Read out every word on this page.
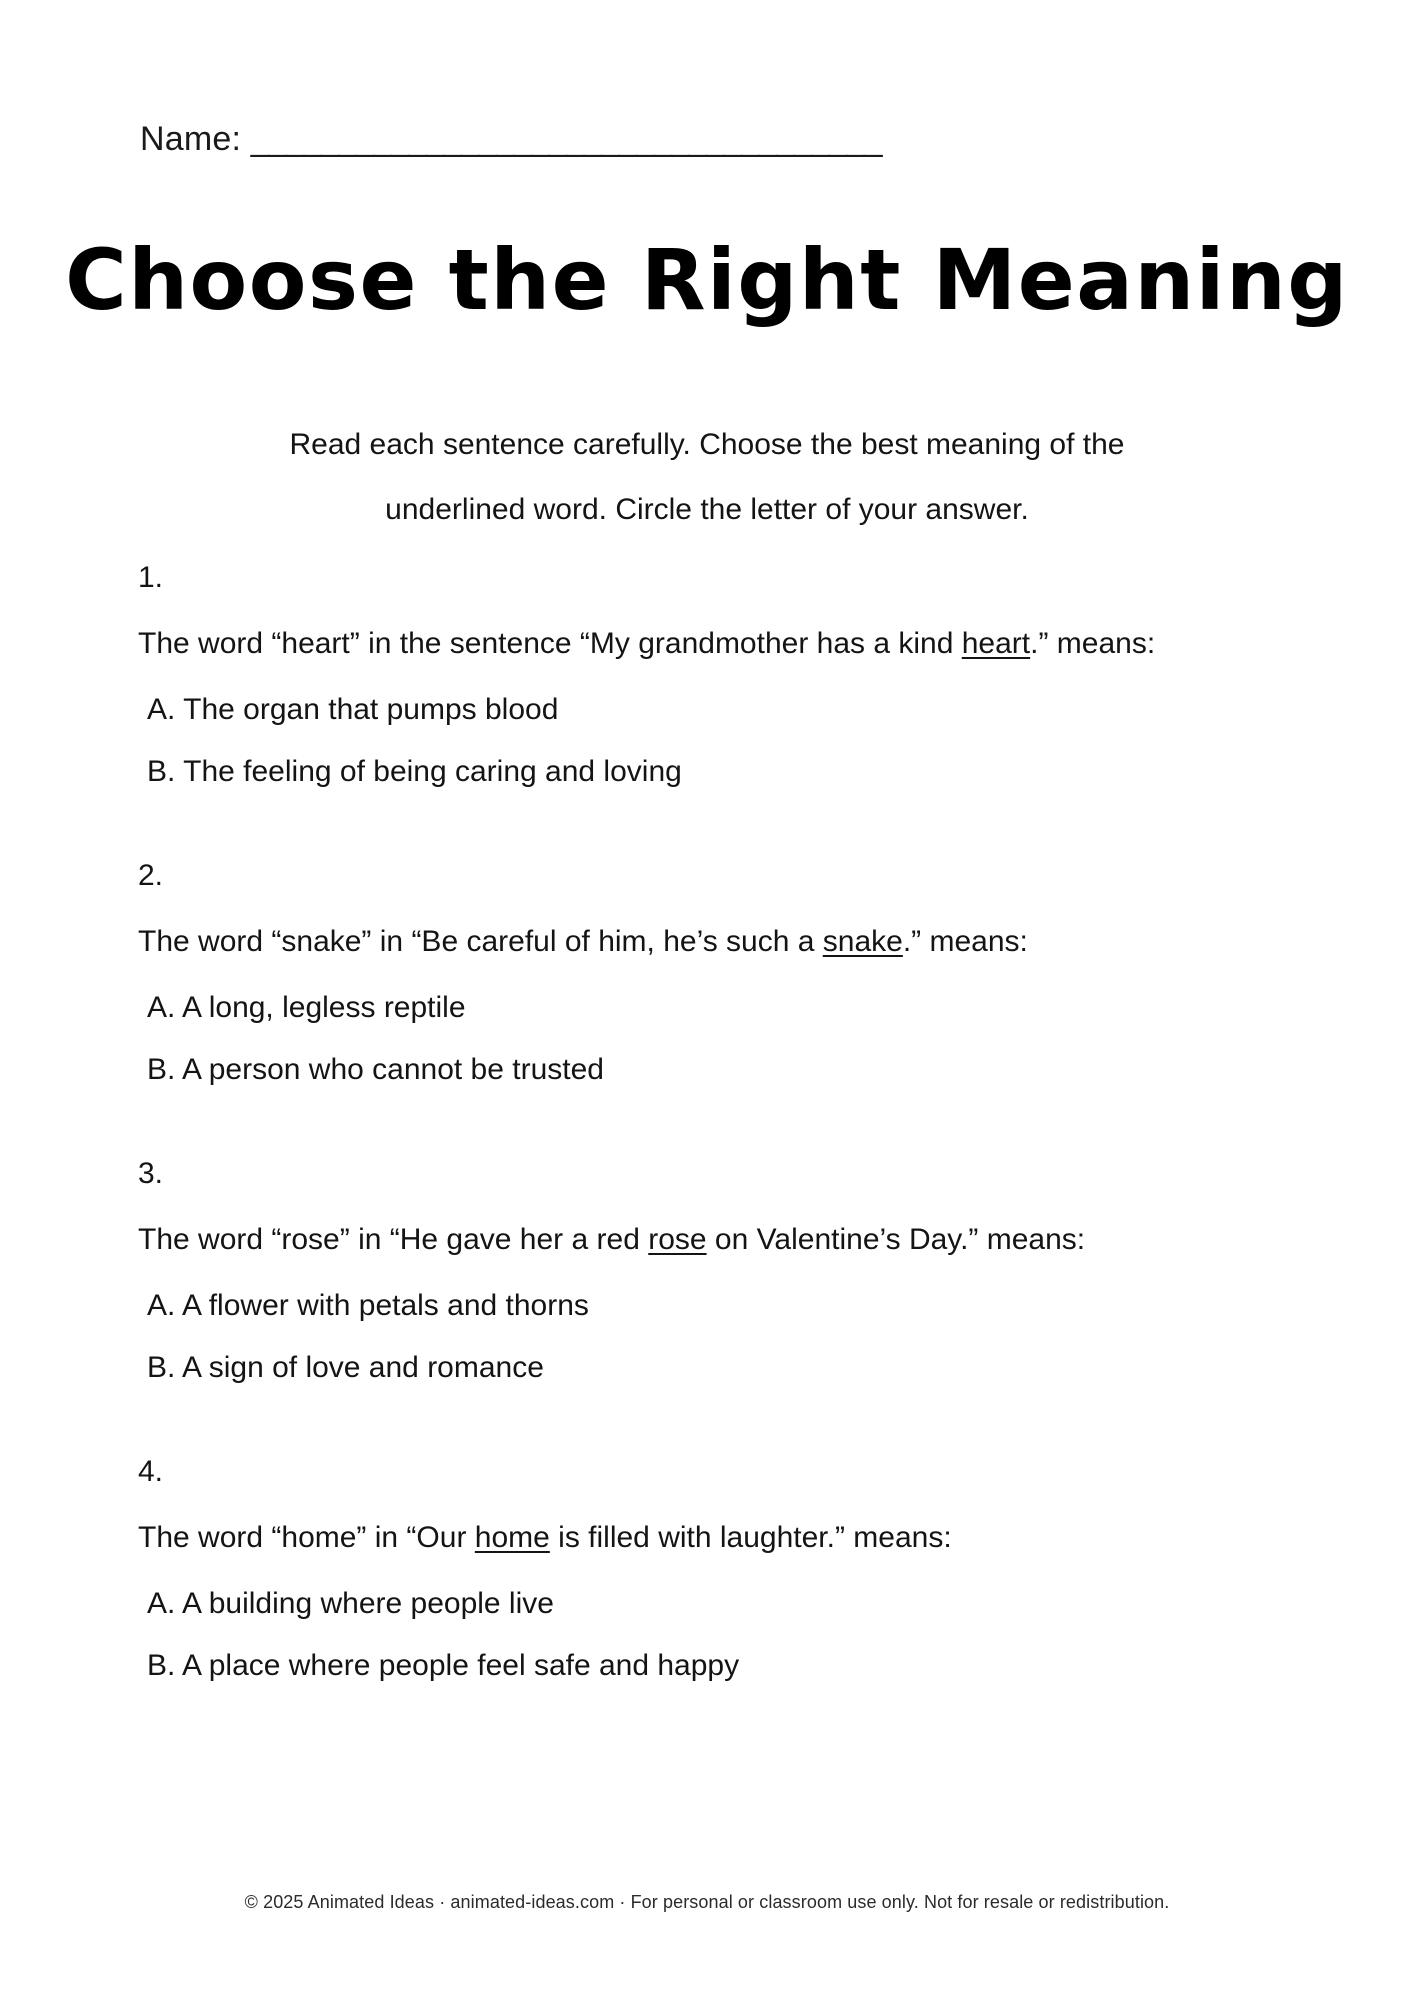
Name: ____________________________________
Choose the Right Meaning
Read each sentence carefully. Choose the best meaning of the
underlined word. Circle the letter of your answer.
1.
The word “heart” in the sentence “My grandmother has a kind heart.” means:
A. The organ that pumps blood
B. The feeling of being caring and loving
2.
The word “snake” in “Be careful of him, he’s such a snake.” means:
A. A long, legless reptile
B. A person who cannot be trusted
3.
The word “rose” in “He gave her a red rose on Valentine’s Day.” means:
A. A flower with petals and thorns
B. A sign of love and romance
4.
The word “home” in “Our home is filled with laughter.” means:
A. A building where people live
B. A place where people feel safe and happy
© 2025 Animated Ideas · animated-ideas.com · For personal or classroom use only. Not for resale or redistribution.
